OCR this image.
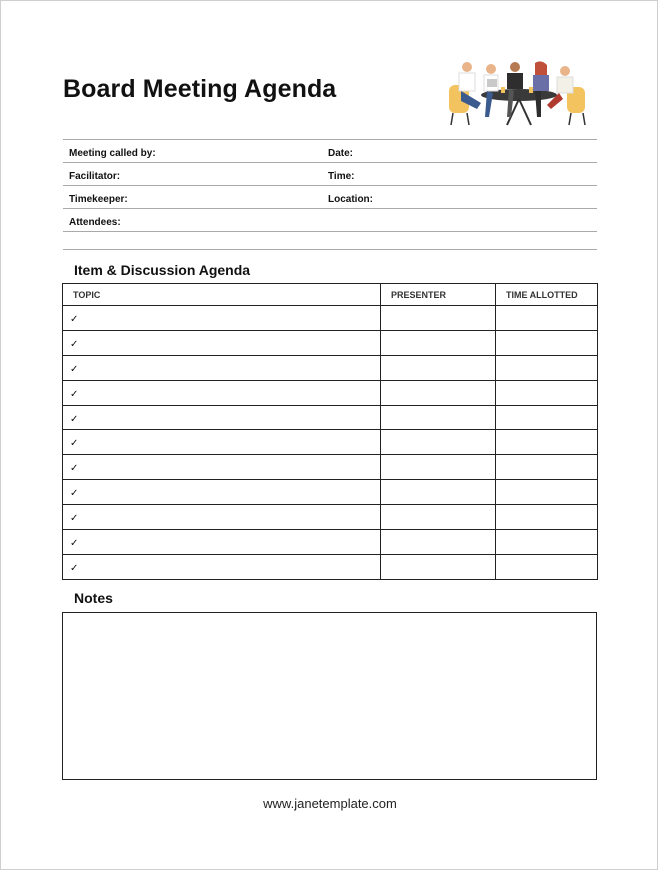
Board Meeting Agenda
Meeting called by:	Date:
Facilitator:	Time:
Timekeeper:	Location:
Attendees:
Item & Discussion Agenda
TOPIC	PRESENTER	TIME ALLOTTED
✓		
✓		
✓		
✓		
✓		
✓		
✓		
✓		
✓		
✓		
✓		
Notes
www.janetemplate.com
